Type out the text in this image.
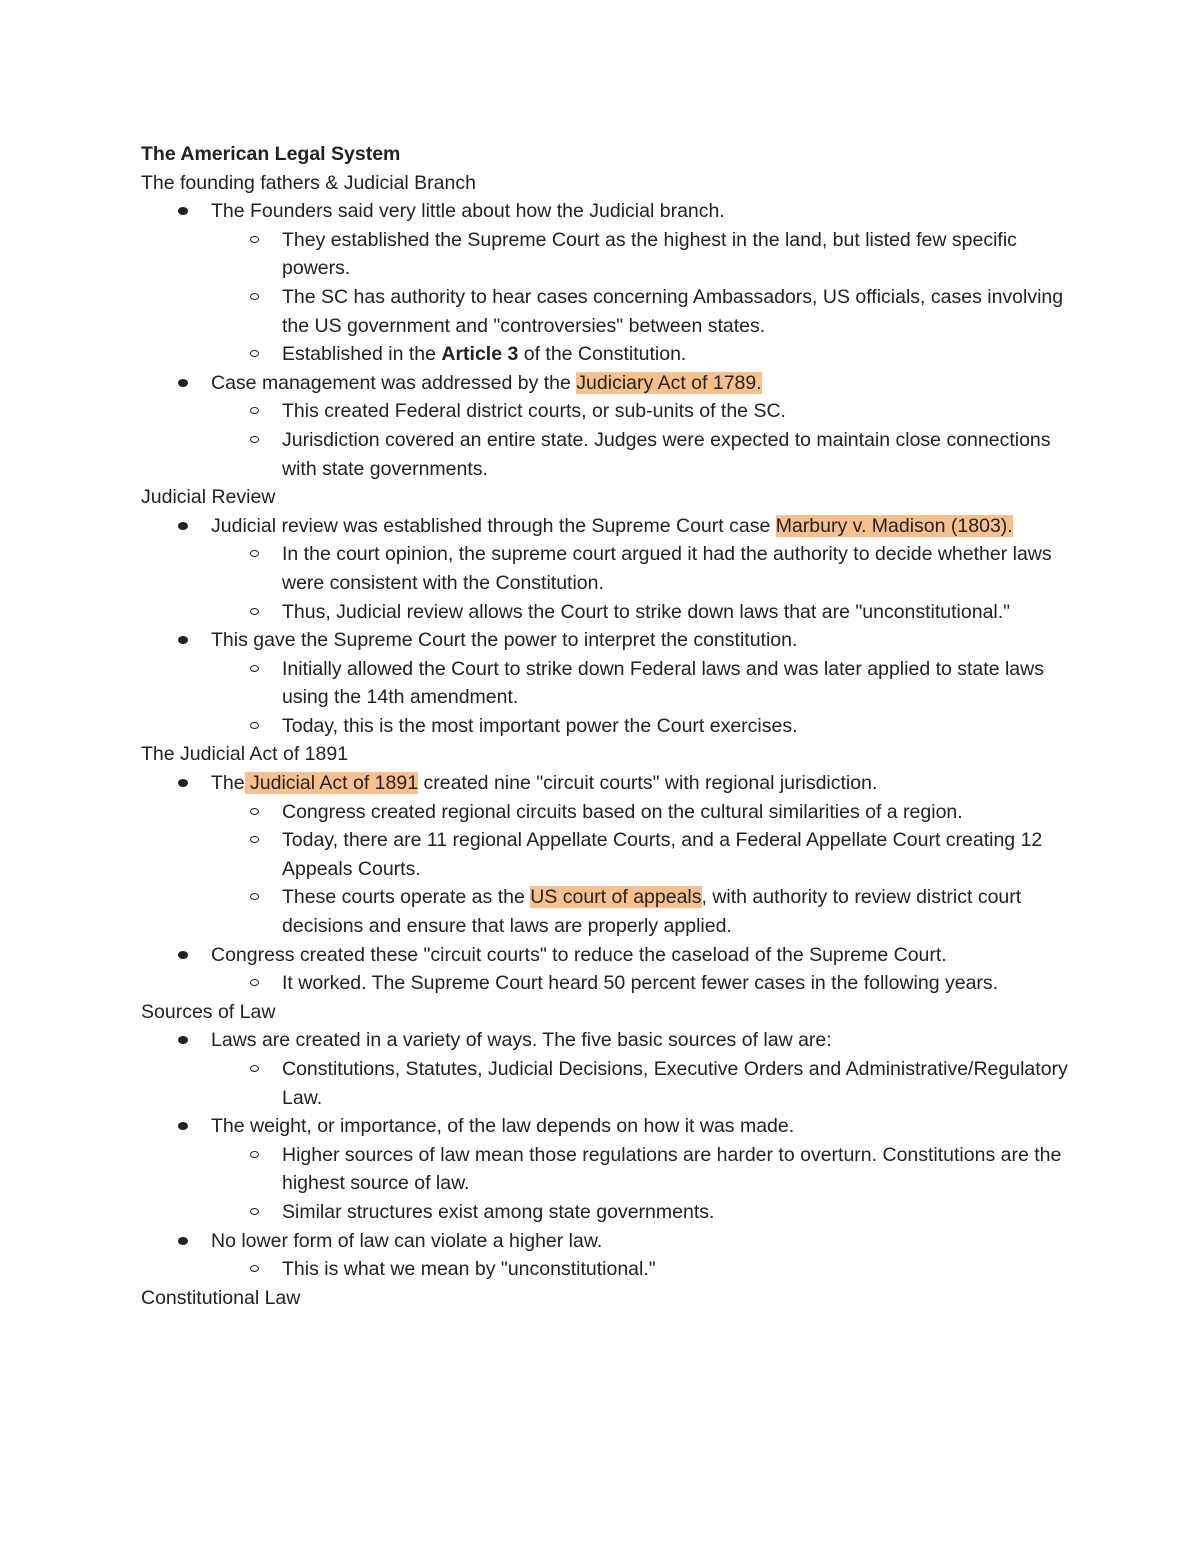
The American Legal System
The founding fathers & Judicial Branch
The Founders said very little about how the Judicial branch.
They established the Supreme Court as the highest in the land, but listed few specific powers.
The SC has authority to hear cases concerning Ambassadors, US officials, cases involving the US government and "controversies" between states.
Established in the Article 3 of the Constitution.
Case management was addressed by the Judiciary Act of 1789.
This created Federal district courts, or sub-units of the SC.
Jurisdiction covered an entire state. Judges were expected to maintain close connections with state governments.
Judicial Review
Judicial review was established through the Supreme Court case Marbury v. Madison (1803).
In the court opinion, the supreme court argued it had the authority to decide whether laws were consistent with the Constitution.
Thus, Judicial review allows the Court to strike down laws that are "unconstitutional."
This gave the Supreme Court the power to interpret the constitution.
Initially allowed the Court to strike down Federal laws and was later applied to state laws using the 14th amendment.
Today, this is the most important power the Court exercises.
The Judicial Act of 1891
The Judicial Act of 1891 created nine "circuit courts" with regional jurisdiction.
Congress created regional circuits based on the cultural similarities of a region.
Today, there are 11 regional Appellate Courts, and a Federal Appellate Court creating 12 Appeals Courts.
These courts operate as the US court of appeals, with authority to review district court decisions and ensure that laws are properly applied.
Congress created these "circuit courts" to reduce the caseload of the Supreme Court.
It worked. The Supreme Court heard 50 percent fewer cases in the following years.
Sources of Law
Laws are created in a variety of ways. The five basic sources of law are:
Constitutions, Statutes, Judicial Decisions, Executive Orders and Administrative/Regulatory Law.
The weight, or importance, of the law depends on how it was made.
Higher sources of law mean those regulations are harder to overturn. Constitutions are the highest source of law.
Similar structures exist among state governments.
No lower form of law can violate a higher law.
This is what we mean by "unconstitutional."
Constitutional Law
